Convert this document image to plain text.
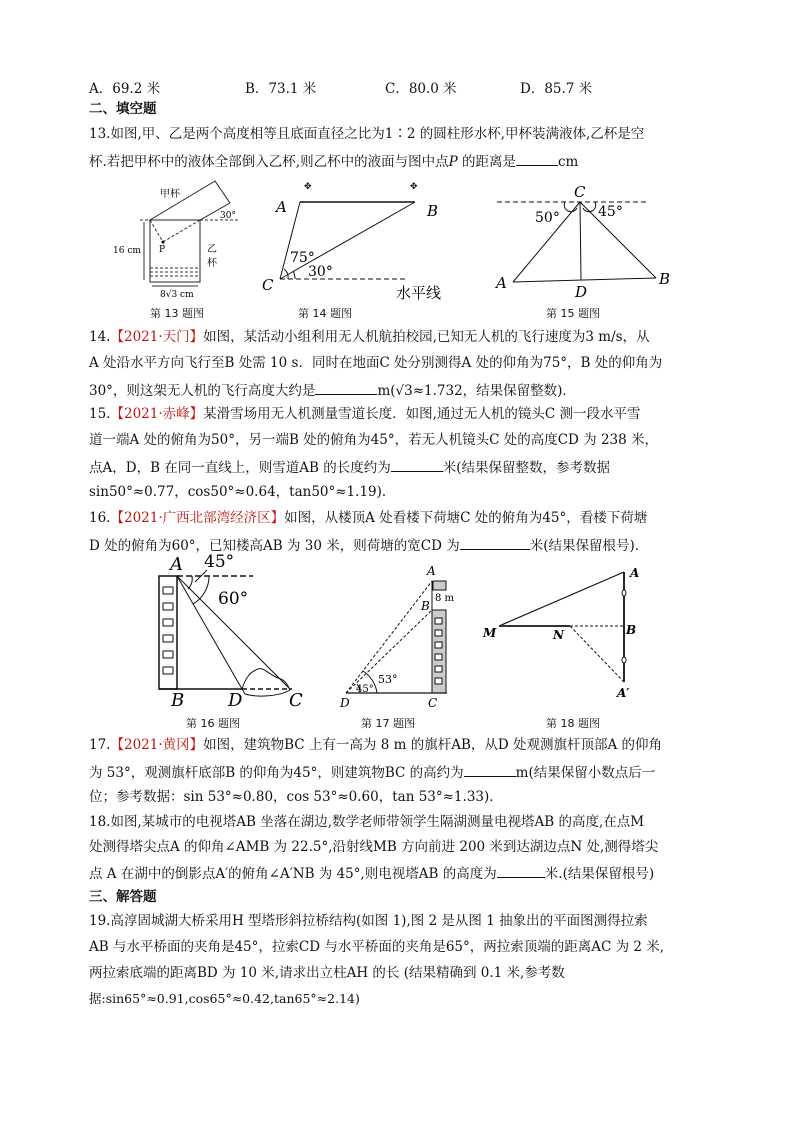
A．69.2 米	B．73.1 米	C．80.0 米	D．85.7 米
二、填空题
13.如图,甲、乙是两个高度相等且底面直径之比为1∶2 的圆柱形水杯,甲杯装满液体,乙杯是空
杯.若把甲杯中的液体全部倒入乙杯,则乙杯中的液面与图中点P 的距离是	cm
甲杯
30°
16 cm P	乙
杯
8√3 cm
第 13 题图
✥	✥
A	B
C
75°
30°
水平线
第 14 题图
C
50°	45°
A	B
D
第 15 题图
14.【2021·天门】如图，某活动小组利用无人机航拍校园,已知无人机的飞行速度为3 m/s，从
A 处沿水平方向飞行至B 处需 10 s．同时在地面C 处分别测得A 处的仰角为75°，B 处的仰角为
30°，则这架无人机的飞行高度大约是	m(√3≈1.732，结果保留整数)．
15.【2021·赤峰】某滑雪场用无人机测量雪道长度．如图,通过无人机的镜头C 测一段水平雪
道一端A 处的俯角为50°，另一端B 处的俯角为45°，若无人机镜头C 处的高度CD 为 238 米，
点A，D，B 在同一直线上，则雪道AB 的长度约为	米(结果保留整数，参考数据
sin50°≈0.77，cos50°≈0.64，tan50°≈1.19)．
16.【2021·广西北部湾经济区】如图，从楼顶A 处看楼下荷塘C 处的俯角为45°，看楼下荷塘
D 处的俯角为60°，已知楼高AB 为 30 米，则荷塘的宽CD 为	米(结果保留根号)．
A 45°
60°
B D	C
第 16 题图
A
B
8 m
45°
53°
D	C
第 17 题图
A
B
M	N
A′
第 18 题图
17.【2021·黄冈】如图，建筑物BC 上有一高为 8 m 的旗杆AB，从D 处观测旗杆顶部A 的仰角
为 53°，观测旗杆底部B 的仰角为45°，则建筑物BC 的高约为	m(结果保留小数点后一
位；参考数据：sin 53°≈0.80，cos 53°≈0.60，tan 53°≈1.33)．
18.如图,某城市的电视塔AB 坐落在湖边,数学老师带领学生隔湖测量电视塔AB 的高度,在点M
处测得塔尖点A 的仰角∠AMB 为 22.5°,沿射线MB 方向前进 200 米到达湖边点N 处,测得塔尖
点 A 在湖中的倒影点A′的俯角∠A′NB 为 45°,则电视塔AB 的高度为	米.(结果保留根号)
三、解答题
19.高淳固城湖大桥采用H 型塔形斜拉桥结构(如图 1),图 2 是从图 1 抽象出的平面图测得拉索
AB 与水平桥面的夹角是45°，拉索CD 与水平桥面的夹角是65°，两拉索顶端的距离AC 为 2 米,
两拉索底端的距离BD 为 10 米,请求出立柱AH 的长 (结果精确到 0.1 米,参考数
据:sin65°≈0.91,cos65°≈0.42,tan65°≈2.14)
